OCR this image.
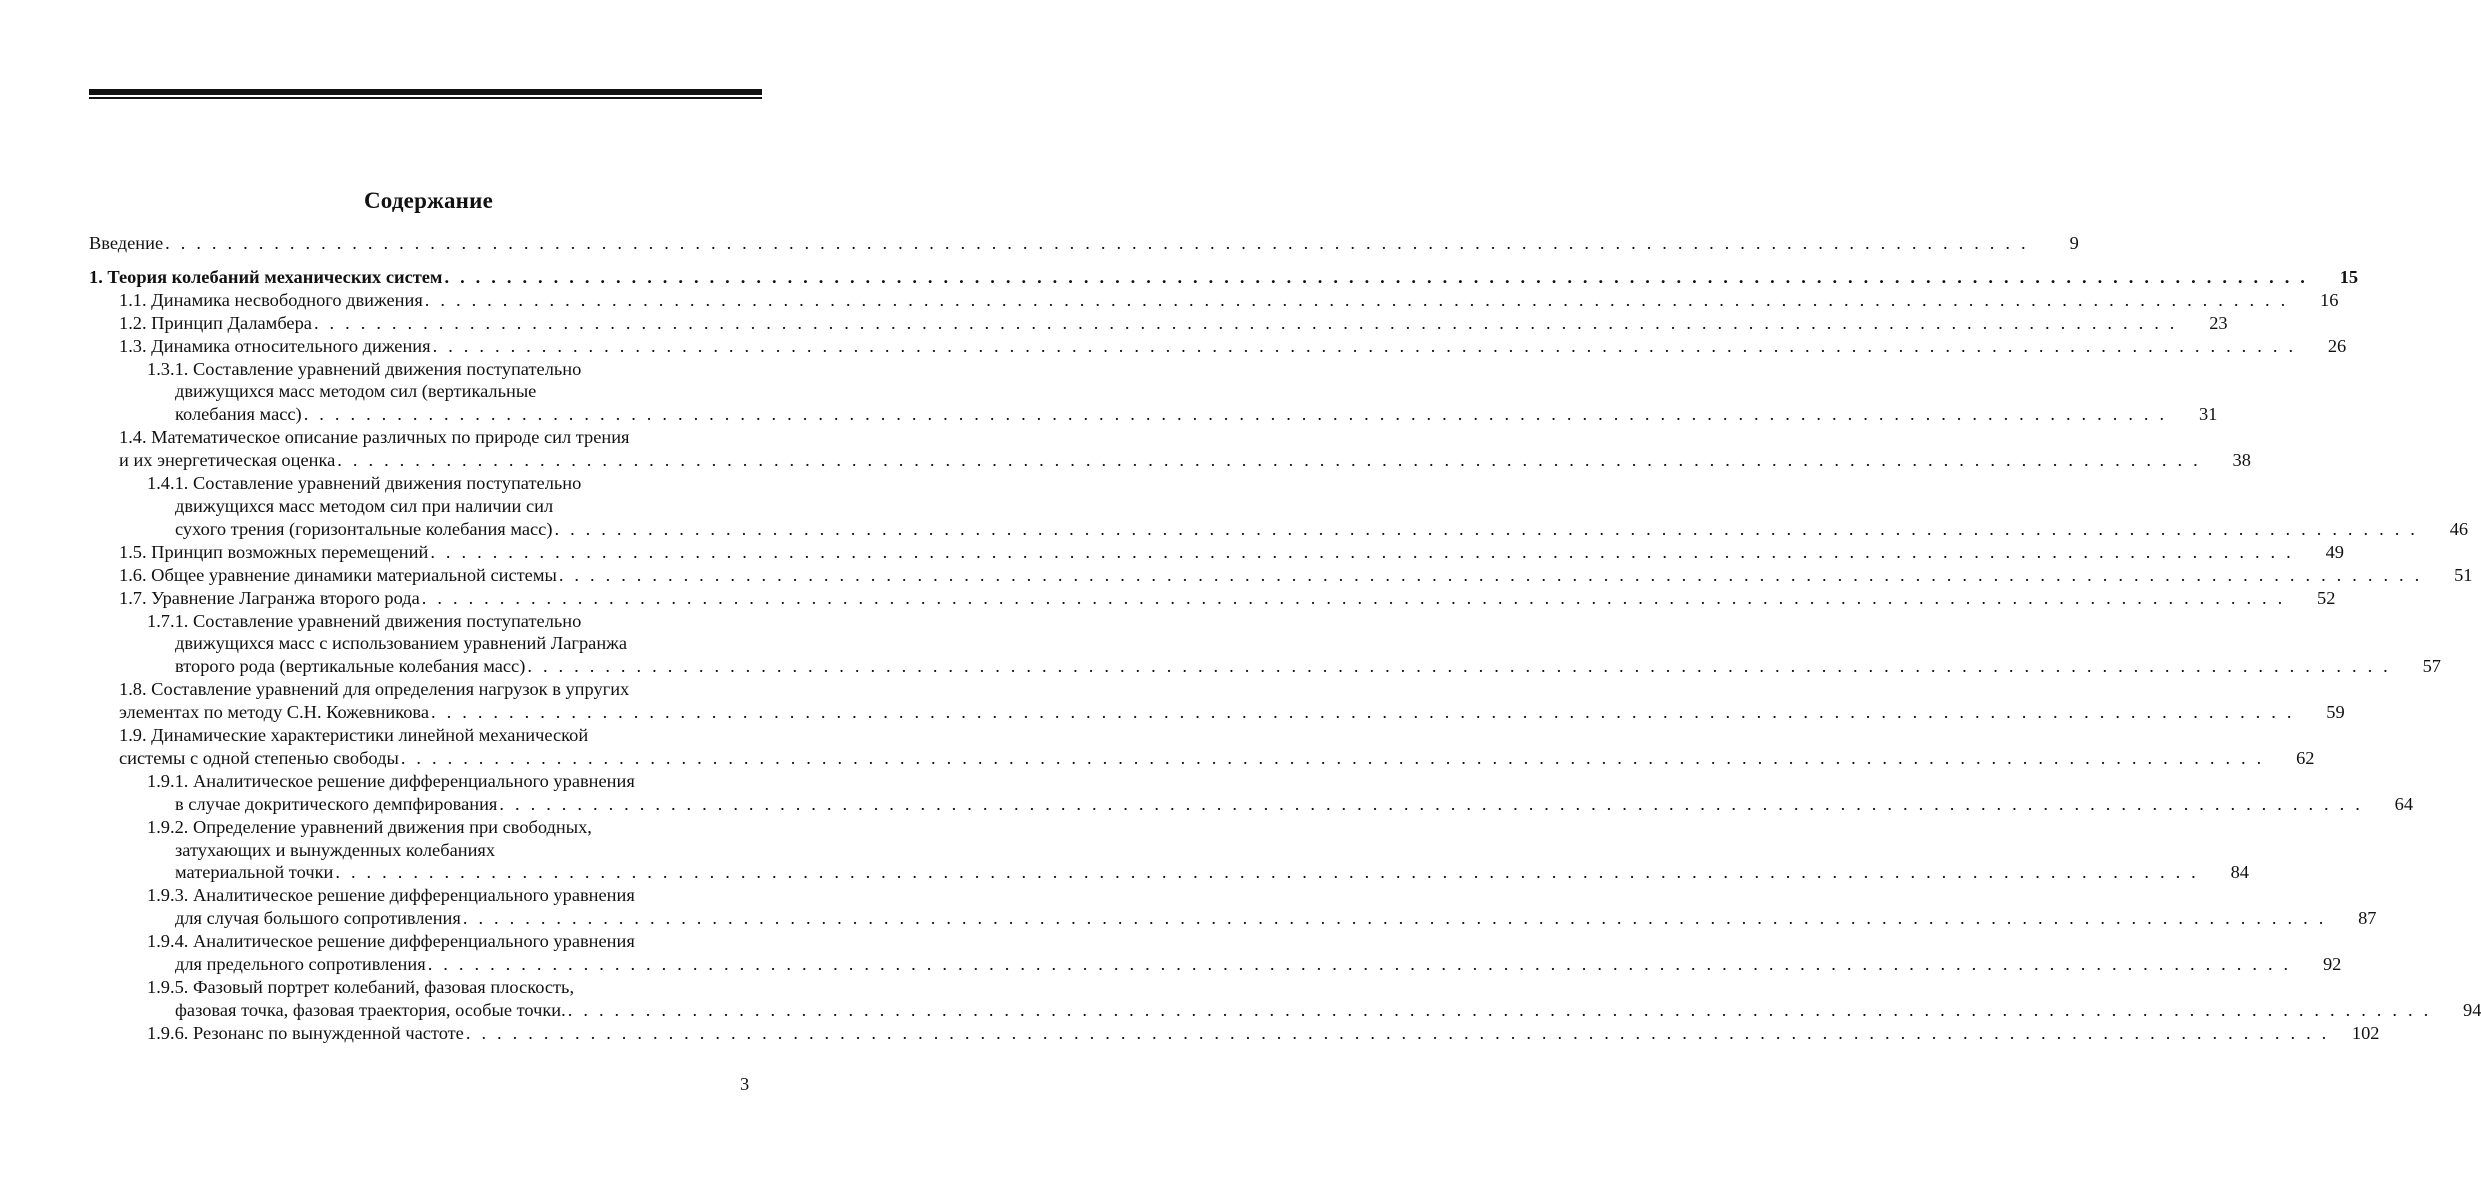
Содержание
Введение . . . . . . . . . . . . . . . . . . . . . . . . . . . . . . . . . . . . . . . . . . . . . . . . . . . . . . . . . . . . . . . . . . . . . . . . . . . . . . . . . . . . . . . . . . . . . . . . . . . . . . . . . . . . . . . . . . . . . . . .	9
1. Теория колебаний механических систем . . . . . . . . . . . . . . . . . . . . . . . . . . . . . . . . . . . . . . . . . . . . . . . . . . . . . . . . . . . . . . . . . . . . . . . . . . . . . . . . . . . . . . . . . . . . . . . . . . . . . . . . . . . . . . . . . . . . . . . .	15
1.1. Динамика несвободного движения . . . . . . . . . . . . . . . . . . . . . . . . . . . . . . . . . . . . . . . . . . . . . . . . . . . . . . . . . . . . . . . . . . . . . . . . . . . . . . . . . . . . . . . . . . . . . . . . . . . . . . . . . . . . . . . . . . . . . . . .	16
1.2. Принцип Даламбера . . . . . . . . . . . . . . . . . . . . . . . . . . . . . . . . . . . . . . . . . . . . . . . . . . . . . . . . . . . . . . . . . . . . . . . . . . . . . . . . . . . . . . . . . . . . . . . . . . . . . . . . . . . . . . . . . . . . . . . .	23
1.3. Динамика относительного дижения . . . . . . . . . . . . . . . . . . . . . . . . . . . . . . . . . . . . . . . . . . . . . . . . . . . . . . . . . . . . . . . . . . . . . . . . . . . . . . . . . . . . . . . . . . . . . . . . . . . . . . . . . . . . . . . . . . . . . . . .	26
1.3.1. Составление уравнений движения поступательно
движущихся масс методом сил (вертикальные
колебания масс) . . . . . . . . . . . . . . . . . . . . . . . . . . . . . . . . . . . . . . . . . . . . . . . . . . . . . . . . . . . . . . . . . . . . . . . . . . . . . . . . . . . . . . . . . . . . . . . . . . . . . . . . . . . . . . . . . . . . . . . .	31
1.4. Математическое описание различных по природе сил трения
и их энергетическая оценка . . . . . . . . . . . . . . . . . . . . . . . . . . . . . . . . . . . . . . . . . . . . . . . . . . . . . . . . . . . . . . . . . . . . . . . . . . . . . . . . . . . . . . . . . . . . . . . . . . . . . . . . . . . . . . . . . . . . . . . .	38
1.4.1. Составление уравнений движения поступательно
движущихся масс методом сил при наличии сил
сухого трения (горизонтальные колебания масс) . . . . . . . . . . . . . . . . . . . . . . . . . . . . . . . . . . . . . . . . . . . . . . . . . . . . . . . . . . . . . . . . . . . . . . . . . . . . . . . . . . . . . . . . . . . . . . . . . . . . . . . . . . . . . . . . . . . . . . . .	46
1.5. Принцип возможных перемещений . . . . . . . . . . . . . . . . . . . . . . . . . . . . . . . . . . . . . . . . . . . . . . . . . . . . . . . . . . . . . . . . . . . . . . . . . . . . . . . . . . . . . . . . . . . . . . . . . . . . . . . . . . . . . . . . . . . . . . . .	49
1.6. Общее уравнение динамики материальной системы . . . . . . . . . . . . . . . . . . . . . . . . . . . . . . . . . . . . . . . . . . . . . . . . . . . . . . . . . . . . . . . . . . . . . . . . . . . . . . . . . . . . . . . . . . . . . . . . . . . . . . . . . . . . . . . . . . . . . . . .	51
1.7. Уравнение Лагранжа второго рода . . . . . . . . . . . . . . . . . . . . . . . . . . . . . . . . . . . . . . . . . . . . . . . . . . . . . . . . . . . . . . . . . . . . . . . . . . . . . . . . . . . . . . . . . . . . . . . . . . . . . . . . . . . . . . . . . . . . . . . .	52
1.7.1. Составление уравнений движения поступательно
движущихся масс с использованием уравнений Лагранжа
второго рода (вертикальные колебания масс) . . . . . . . . . . . . . . . . . . . . . . . . . . . . . . . . . . . . . . . . . . . . . . . . . . . . . . . . . . . . . . . . . . . . . . . . . . . . . . . . . . . . . . . . . . . . . . . . . . . . . . . . . . . . . . . . . . . . . . . .	57
1.8. Составление уравнений для определения нагрузок в упругих
элементах по методу С.Н. Кожевникова . . . . . . . . . . . . . . . . . . . . . . . . . . . . . . . . . . . . . . . . . . . . . . . . . . . . . . . . . . . . . . . . . . . . . . . . . . . . . . . . . . . . . . . . . . . . . . . . . . . . . . . . . . . . . . . . . . . . . . . .	59
1.9. Динамические характеристики линейной механической
системы с одной степенью свободы . . . . . . . . . . . . . . . . . . . . . . . . . . . . . . . . . . . . . . . . . . . . . . . . . . . . . . . . . . . . . . . . . . . . . . . . . . . . . . . . . . . . . . . . . . . . . . . . . . . . . . . . . . . . . . . . . . . . . . . .	62
1.9.1. Аналитическое решение дифференциального уравнения
в случае докритического демпфирования . . . . . . . . . . . . . . . . . . . . . . . . . . . . . . . . . . . . . . . . . . . . . . . . . . . . . . . . . . . . . . . . . . . . . . . . . . . . . . . . . . . . . . . . . . . . . . . . . . . . . . . . . . . . . . . . . . . . . . . .	64
1.9.2. Определение уравнений движения при свободных,
затухающих и вынужденных колебаниях
материальной точки . . . . . . . . . . . . . . . . . . . . . . . . . . . . . . . . . . . . . . . . . . . . . . . . . . . . . . . . . . . . . . . . . . . . . . . . . . . . . . . . . . . . . . . . . . . . . . . . . . . . . . . . . . . . . . . . . . . . . . . .	84
1.9.3. Аналитическое решение дифференциального уравнения
для случая большого сопротивления . . . . . . . . . . . . . . . . . . . . . . . . . . . . . . . . . . . . . . . . . . . . . . . . . . . . . . . . . . . . . . . . . . . . . . . . . . . . . . . . . . . . . . . . . . . . . . . . . . . . . . . . . . . . . . . . . . . . . . . .	87
1.9.4. Аналитическое решение дифференциального уравнения
для предельного сопротивления . . . . . . . . . . . . . . . . . . . . . . . . . . . . . . . . . . . . . . . . . . . . . . . . . . . . . . . . . . . . . . . . . . . . . . . . . . . . . . . . . . . . . . . . . . . . . . . . . . . . . . . . . . . . . . . . . . . . . . . .	92
1.9.5. Фазовый портрет колебаний, фазовая плоскость,
фазовая точка, фазовая траектория, особые точки. . . . . . . . . . . . . . . . . . . . . . . . . . . . . . . . . . . . . . . . . . . . . . . . . . . . . . . . . . . . . . . . . . . . . . . . . . . . . . . . . . . . . . . . . . . . . . . . . . . . . . . . . . . . . . . . . . . . . . . . .	94
1.9.6. Резонанс по вынужденной частоте . . . . . . . . . . . . . . . . . . . . . . . . . . . . . . . . . . . . . . . . . . . . . . . . . . . . . . . . . . . . . . . . . . . . . . . . . . . . . . . . . . . . . . . . . . . . . . . . . . . . . . . . . . . . . . . . . . . . . . . .	102
3
